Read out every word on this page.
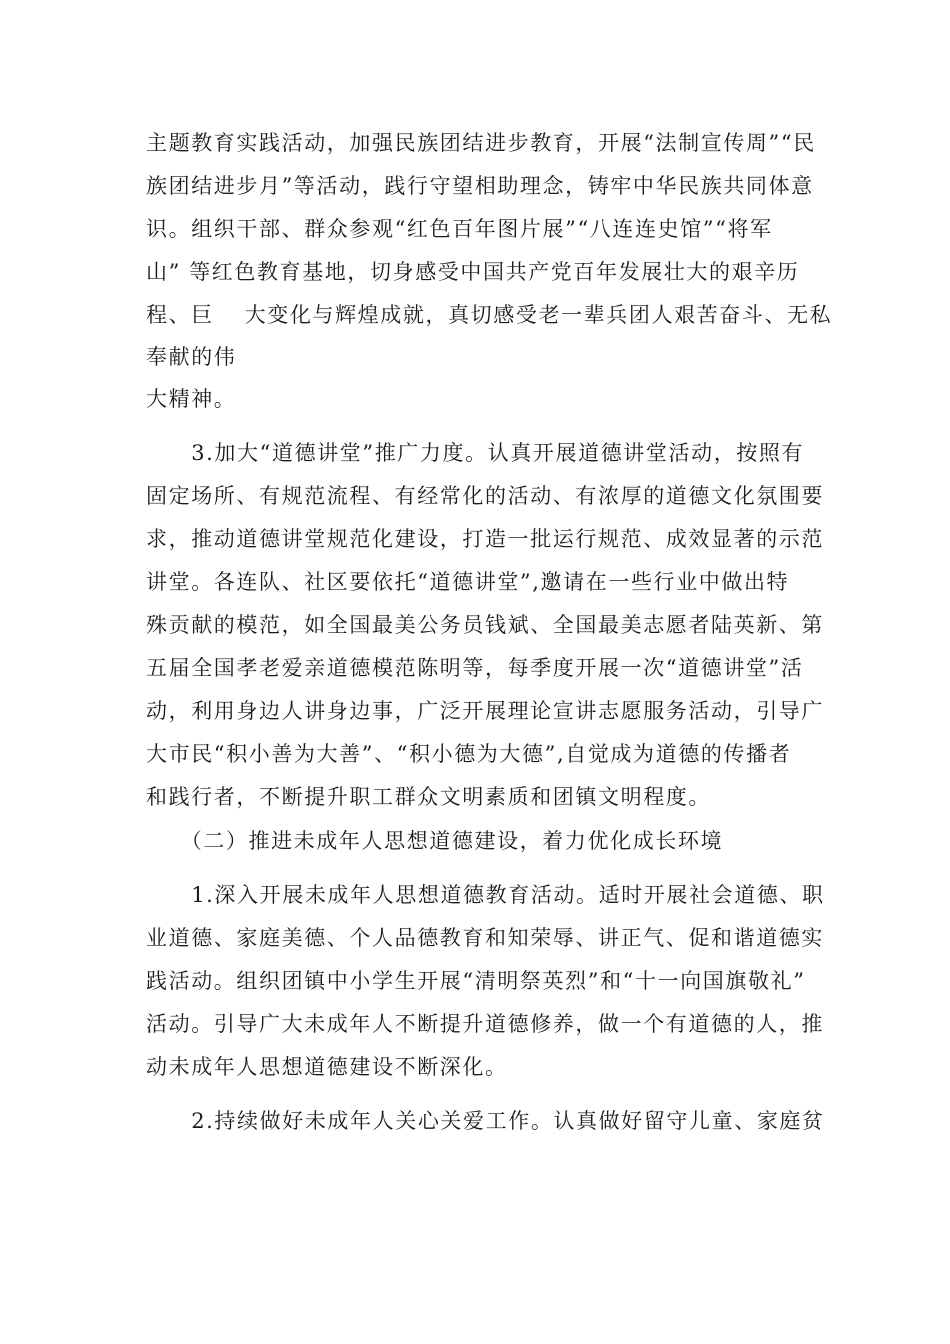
主题教育实践活动，加强民族团结进步教育，开展“法制宣传周”“民
族团结进步月”等活动，践行守望相助理念，铸牢中华民族共同体意
识。组织干部、群众参观“红色百年图片展”“八连连史馆”“将军
山” 等红色教育基地，切身感受中国共产党百年发展壮大的艰辛历
程、巨　 大变化与辉煌成就，真切感受老一辈兵团人艰苦奋斗、无私
奉献的伟
大精神。
　　3.加大“道德讲堂”推广力度。认真开展道德讲堂活动，按照有
固定场所、有规范流程、有经常化的活动、有浓厚的道德文化氛围要
求，推动道德讲堂规范化建设，打造一批运行规范、成效显著的示范
讲堂。各连队、社区要依托“道德讲堂”,邀请在一些行业中做出特
殊贡献的模范，如全国最美公务员钱斌、全国最美志愿者陆英新、第
五届全国孝老爱亲道德模范陈明等，每季度开展一次“道德讲堂”活
动，利用身边人讲身边事，广泛开展理论宣讲志愿服务活动，引导广
大市民“积小善为大善”、“积小德为大德”,自觉成为道德的传播者
和践行者，不断提升职工群众文明素质和团镇文明程度。
　　（二）推进未成年人思想道德建设，着力优化成长环境
　　1.深入开展未成年人思想道德教育活动。适时开展社会道德、职
业道德、家庭美德、个人品德教育和知荣辱、讲正气、促和谐道德实
践活动。组织团镇中小学生开展“清明祭英烈”和“十一向国旗敬礼”
活动。引导广大未成年人不断提升道德修养，做一个有道德的人，推
动未成年人思想道德建设不断深化。
　　2.持续做好未成年人关心关爱工作。认真做好留守儿童、家庭贫
